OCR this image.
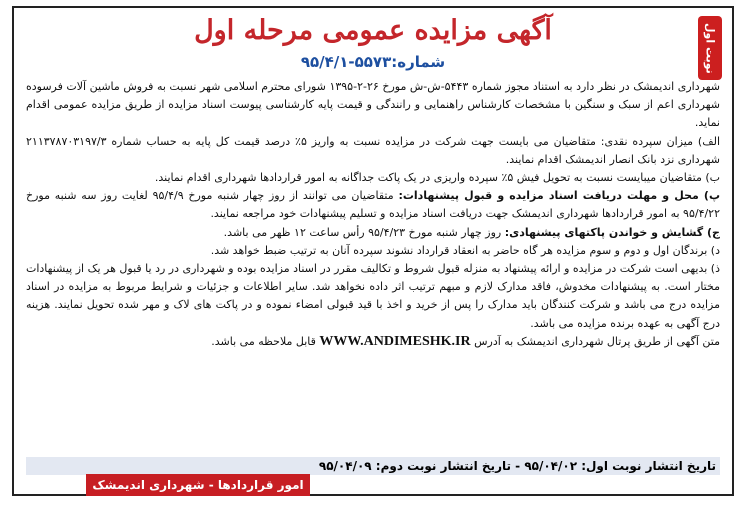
نوبت اول
آگهی مزایده عمومی مرحله اول
شماره:۵۵۷۳-۹۵/۴/۱

شهرداری اندیمشک در نظر دارد به استناد مجوز شماره ۵۴۴۳-ش-ش مورخ ۲۶-۲-۱۳۹۵ شورای محترم اسلامی شهر نسبت به فروش ماشین آلات فرسوده شهرداری اعم از سبک و سنگین با مشخصات کارشناس راهنمایی و رانندگی و قیمت پایه کارشناسی پیوست اسناد مزایده از طریق مزایده عمومی اقدام نماید.

الف) میزان سپرده نقدی: متقاضیان می بایست جهت شرکت در مزایده نسبت به واریز ۵٪ درصد قیمت کل پایه به حساب شماره ۲۱۱۳۷۸۷۰۳۱۹۷/۳ شهرداری نزد بانک انصار اندیمشک اقدام نمایند.

ب) متقاضیان میبایست نسبت به تحویل فیش ۵٪ سپرده واریزی در یک پاکت جداگانه به امور قراردادها شهرداری اقدام نمایند.

پ) محل و مهلت دریافت اسناد مزایده و قبول پیشنهادات: متقاضیان می توانند از روز چهار شنبه مورخ ۹۵/۴/۹ لغایت روز سه شنبه مورخ ۹۵/۴/۲۲ به امور قراردادها شهرداری اندیمشک جهت دریافت اسناد مزایده و تسلیم پیشنهادات خود مراجعه نمایند.

ج) گشایش و خواندن پاکتهای پیشنهادی: روز چهار شنبه مورخ ۹۵/۴/۲۳ رأس ساعت ۱۲ ظهر می باشد.

د) برندگان اول و دوم و سوم مزایده هر گاه حاضر به انعقاد قرارداد نشوند سپرده آنان به ترتیب ضبط خواهد شد.

ذ) بدیهی است شرکت در مزایده و ارائه پیشنهاد به منزله قبول شروط و تکالیف مقرر در اسناد مزایده بوده و شهرداری در رد یا قبول هر یک از پیشنهادات مختار است. به پیشنهادات مخدوش، فاقد مدارک لازم و مبهم ترتیب اثر داده نخواهد شد. سایر اطلاعات و جزئیات و شرایط مربوط به مزایده در اسناد مزایده درج می باشد و شرکت کنندگان باید مدارک را پس از خرید و اخذ با قید قبولی امضاء نموده و در پاکت های لاک و مهر شده تحویل نمایند. هزینه درج آگهی به عهده برنده مزایده می باشد.

متن آگهی از طریق پرتال شهرداری اندیمشک به آدرس WWW.ANDIMESHK.IR قابل ملاحظه می باشد.

تاریخ انتشار نوبت اول: ۹۵/۰۴/۰۲ - تاریخ انتشار نوبت دوم: ۹۵/۰۴/۰۹
امور قراردادها - شهرداری اندیمشک
